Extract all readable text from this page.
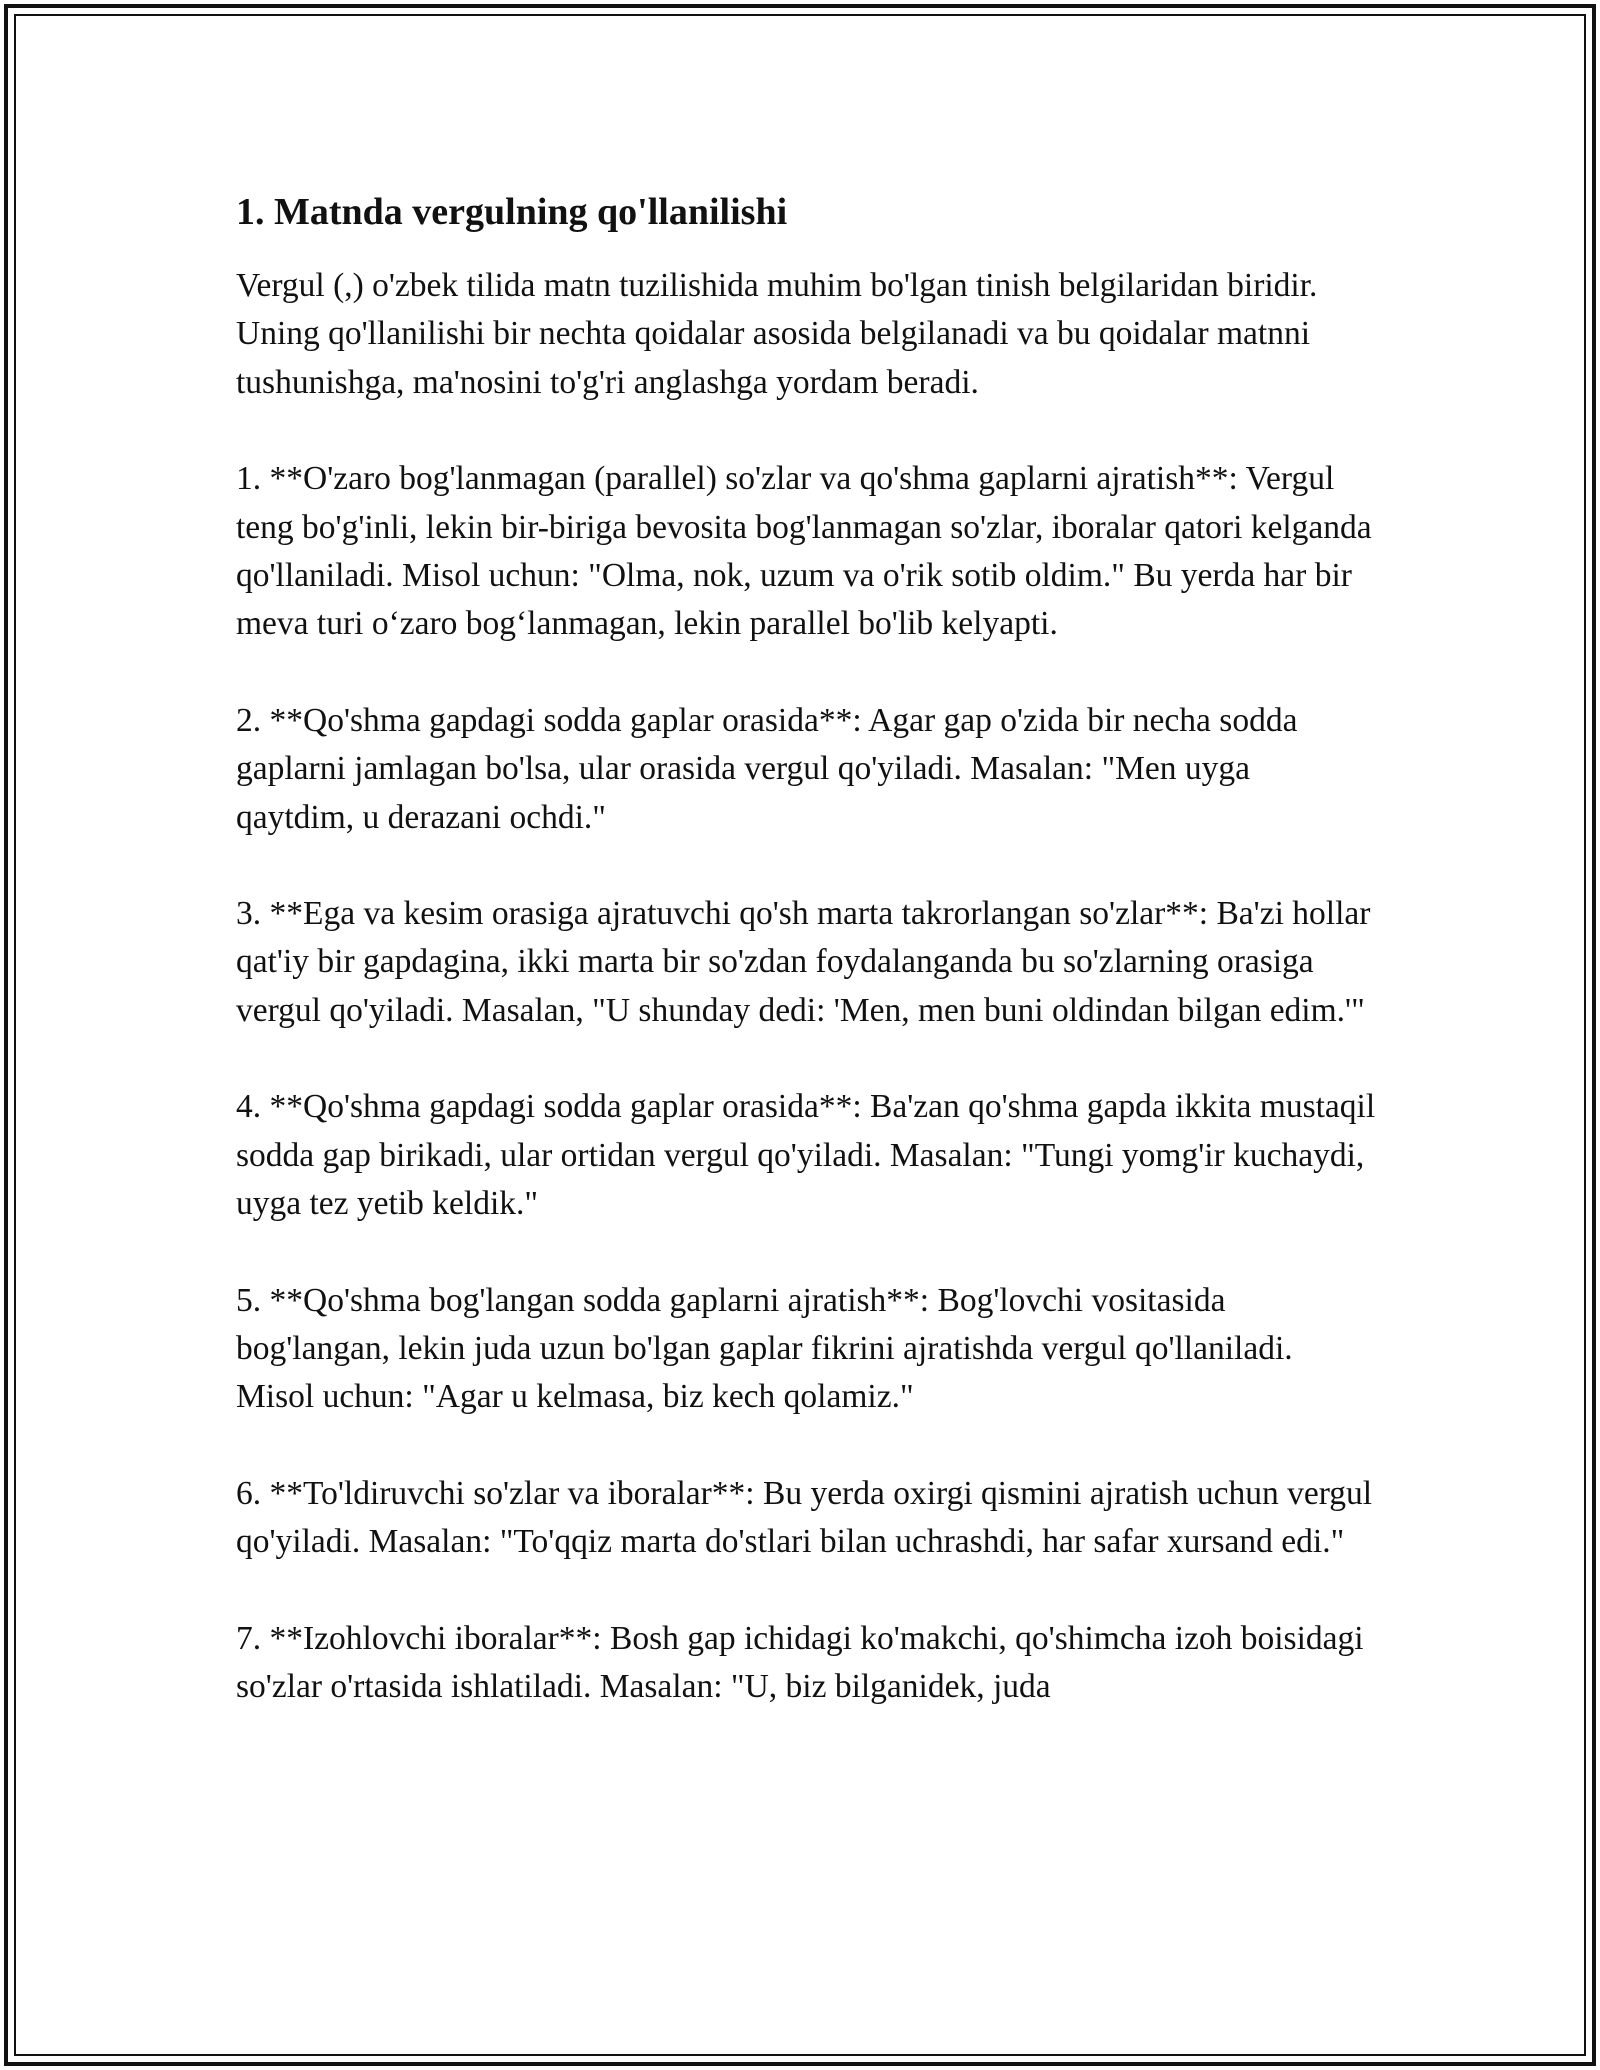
1. Matnda vergulning qo'llanilishi

Vergul (,) o'zbek tilida matn tuzilishida muhim bo'lgan tinish belgilaridan biridir. Uning qo'llanilishi bir nechta qoidalar asosida belgilanadi va bu qoidalar matnni tushunishga, ma'nosini to'g'ri anglashga yordam beradi.

1. **O'zaro bog'lanmagan (parallel) so'zlar va qo'shma gaplarni ajratish**: Vergul teng bo'g'inli, lekin bir-biriga bevosita bog'lanmagan so'zlar, iboralar qatori kelganda qo'llaniladi. Misol uchun: "Olma, nok, uzum va o'rik sotib oldim." Bu yerda har bir meva turi o‘zaro bog‘lanmagan, lekin parallel bo'lib kelyapti.

2. **Qo'shma gapdagi sodda gaplar orasida**: Agar gap o'zida bir necha sodda gaplarni jamlagan bo'lsa, ular orasida vergul qo'yiladi. Masalan: "Men uyga qaytdim, u derazani ochdi."

3. **Ega va kesim orasiga ajratuvchi qo'sh marta takrorlangan so'zlar**: Ba'zi hollar qat'iy bir gapdagina, ikki marta bir so'zdan foydalanganda bu so'zlarning orasiga vergul qo'yiladi. Masalan, "U shunday dedi: 'Men, men buni oldindan bilgan edim.'"

4. **Qo'shma gapdagi sodda gaplar orasida**: Ba'zan qo'shma gapda ikkita mustaqil sodda gap birikadi, ular ortidan vergul qo'yiladi. Masalan: "Tungi yomg'ir kuchaydi, uyga tez yetib keldik."

5. **Qo'shma bog'langan sodda gaplarni ajratish**: Bog'lovchi vositasida bog'langan, lekin juda uzun bo'lgan gaplar fikrini ajratishda vergul qo'llaniladi. Misol uchun: "Agar u kelmasa, biz kech qolamiz."

6. **To'ldiruvchi so'zlar va iboralar**: Bu yerda oxirgi qismini ajratish uchun vergul qo'yiladi. Masalan: "To'qqiz marta do'stlari bilan uchrashdi, har safar xursand edi."

7. **Izohlovchi iboralar**: Bosh gap ichidagi ko'makchi, qo'shimcha izoh boisidagi so'zlar o'rtasida ishlatiladi. Masalan: "U, biz bilganidek, juda
